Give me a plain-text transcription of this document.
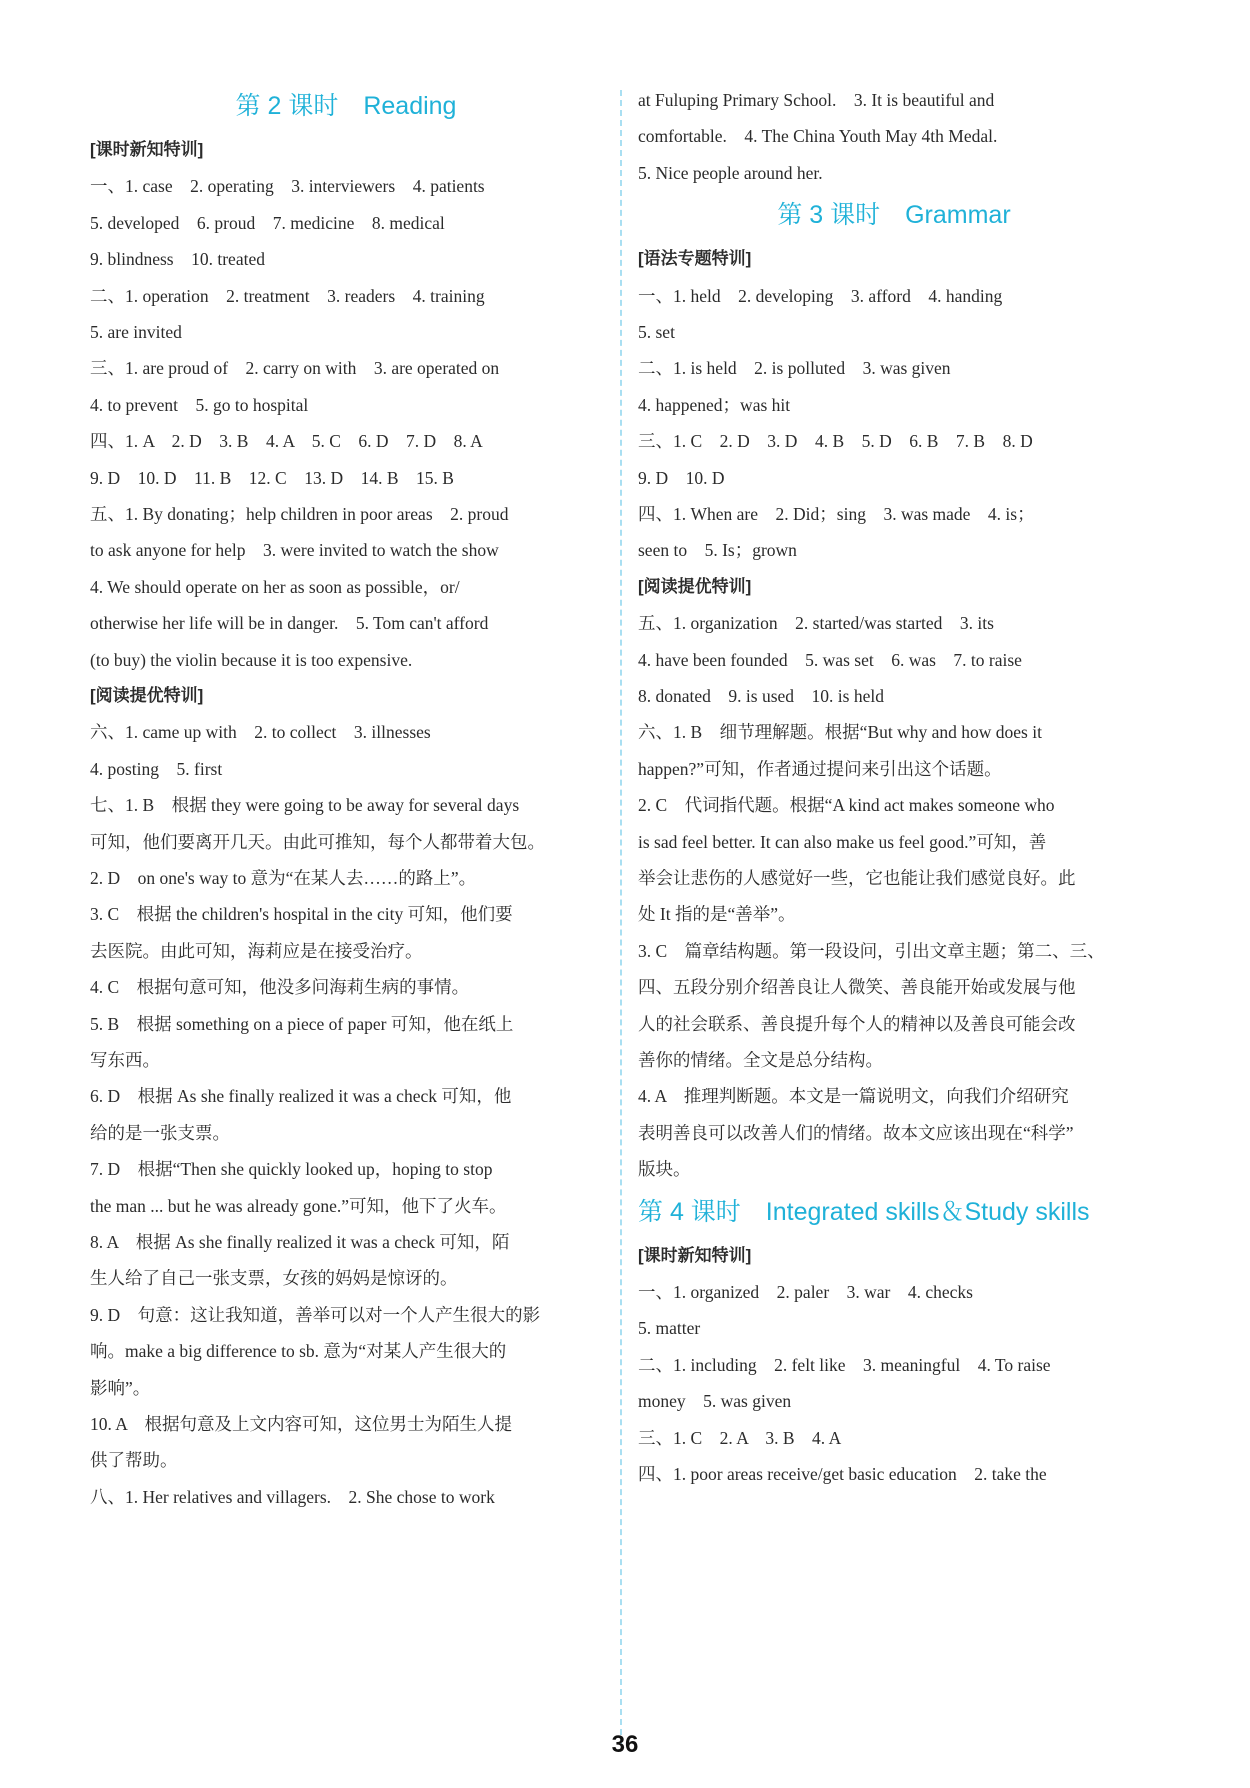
第 2 课时　Reading
[课时新知特训]
一、1. case　2. operating　3. interviewers　4. patients
5. developed　6. proud　7. medicine　8. medical
9. blindness　10. treated
二、1. operation　2. treatment　3. readers　4. training
5. are invited
三、1. are proud of　2. carry on with　3. are operated on
4. to prevent　5. go to hospital
四、1. A　2. D　3. B　4. A　5. C　6. D　7. D　8. A
9. D　10. D　11. B　12. C　13. D　14. B　15. B
五、1. By donating；help children in poor areas　2. proud
to ask anyone for help　3. were invited to watch the show
4. We should operate on her as soon as possible，or/
otherwise her life will be in danger.　5. Tom can't afford
(to buy) the violin because it is too expensive.
[阅读提优特训]
六、1. came up with　2. to collect　3. illnesses
4. posting　5. first
七、1. B　根据 they were going to be away for several days
可知，他们要离开几天。由此可推知，每个人都带着大包。
2. D　on one's way to 意为“在某人去……的路上”。
3. C　根据 the children's hospital in the city 可知，他们要
去医院。由此可知，海莉应是在接受治疗。
4. C　根据句意可知，他没多问海莉生病的事情。
5. B　根据 something on a piece of paper 可知，他在纸上
写东西。
6. D　根据 As she finally realized it was a check 可知，他
给的是一张支票。
7. D　根据“Then she quickly looked up，hoping to stop
the man ... but he was already gone.”可知，他下了火车。
8. A　根据 As she finally realized it was a check 可知，陌
生人给了自己一张支票，女孩的妈妈是惊讶的。
9. D　句意：这让我知道，善举可以对一个人产生很大的影
响。make a big difference to sb. 意为“对某人产生很大的
影响”。
10. A　根据句意及上文内容可知，这位男士为陌生人提
供了帮助。
八、1. Her relatives and villagers.　2. She chose to work
at Fuluping Primary School.　3. It is beautiful and
comfortable.　4. The China Youth May 4th Medal.
5. Nice people around her.
第 3 课时　Grammar
[语法专题特训]
一、1. held　2. developing　3. afford　4. handing
5. set
二、1. is held　2. is polluted　3. was given
4. happened；was hit
三、1. C　2. D　3. D　4. B　5. D　6. B　7. B　8. D
9. D　10. D
四、1. When are　2. Did；sing　3. was made　4. is；
seen to　5. Is；grown
[阅读提优特训]
五、1. organization　2. started/was started　3. its
4. have been founded　5. was set　6. was　7. to raise
8. donated　9. is used　10. is held
六、1. B　细节理解题。根据“But why and how does it
happen?”可知，作者通过提问来引出这个话题。
2. C　代词指代题。根据“A kind act makes someone who
is sad feel better. It can also make us feel good.”可知，善
举会让悲伤的人感觉好一些，它也能让我们感觉良好。此
处 It 指的是“善举”。
3. C　篇章结构题。第一段设问，引出文章主题；第二、三、
四、五段分别介绍善良让人微笑、善良能开始或发展与他
人的社会联系、善良提升每个人的精神以及善良可能会改
善你的情绪。全文是总分结构。
4. A　推理判断题。本文是一篇说明文，向我们介绍研究
表明善良可以改善人们的情绪。故本文应该出现在“科学”
版块。
第 4 课时　Integrated skills＆Study skills
[课时新知特训]
一、1. organized　2. paler　3. war　4. checks
5. matter
二、1. including　2. felt like　3. meaningful　4. To raise
money　5. was given
三、1. C　2. A　3. B　4. A
四、1. poor areas receive/get basic education　2. take the
36
